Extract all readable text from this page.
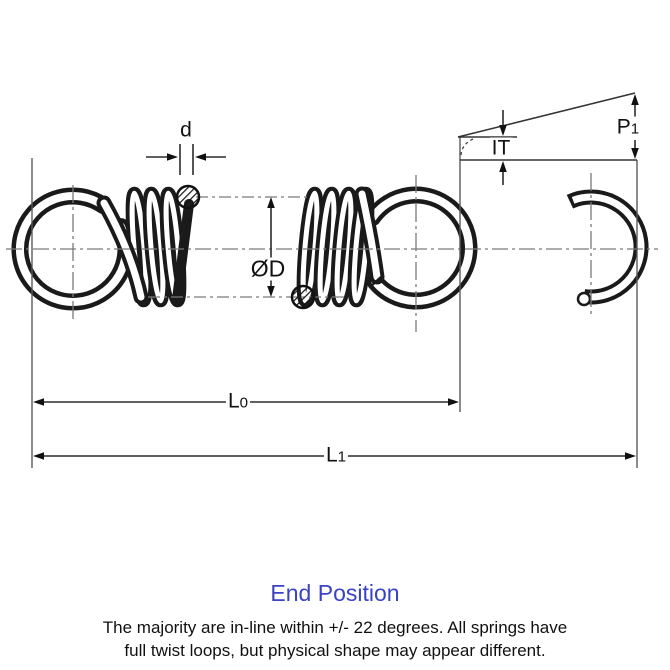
d
ØD
IT
P1
L0
L1
End Position
The majority are in-line within +/- 22 degrees. All springs have
full twist loops, but physical shape may appear different.
